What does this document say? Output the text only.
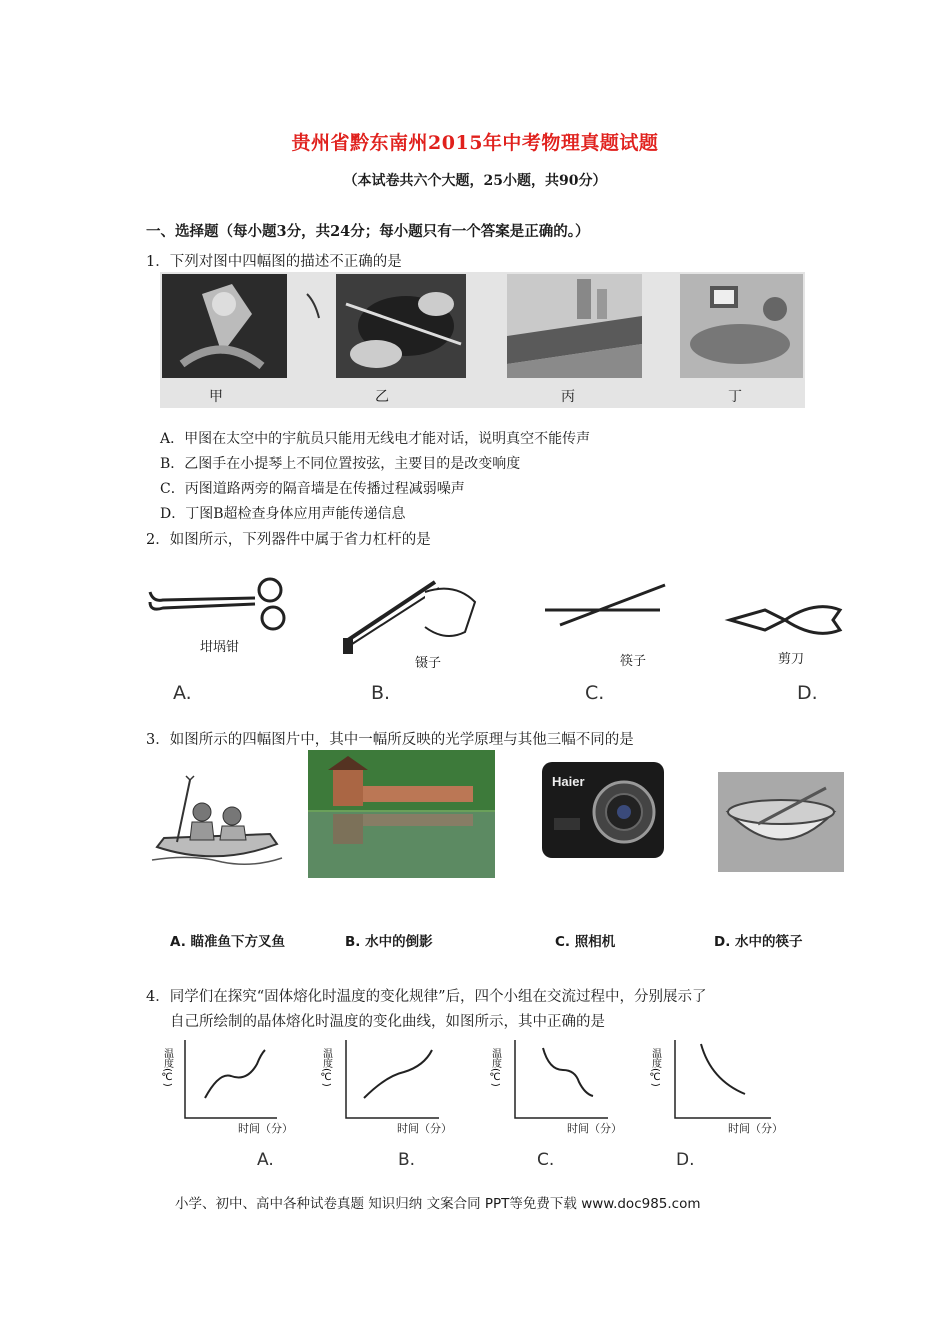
贵州省黔东南州2015年中考物理真题试题
（本试卷共六个大题，25小题，共90分）
一、选择题（每小题3分，共24分；每小题只有一个答案是正确的。）
1．下列对图中四幅图的描述不正确的是
甲	乙	丙	丁
A．甲图在太空中的宇航员只能用无线电才能对话，说明真空不能传声
B．乙图手在小提琴上不同位置按弦，主要目的是改变响度
C．丙图道路两旁的隔音墙是在传播过程减弱噪声
D．丁图B超检查身体应用声能传递信息
2．如图所示，下列器件中属于省力杠杆的是
坩埚钳
镊子	筷子	剪刀
A.	B.	C.	D.
3．如图所示的四幅图片中，其中一幅所反映的光学原理与其他三幅不同的是
Haier
A. 瞄准鱼下方叉鱼	B. 水中的倒影	C. 照相机	D. 水中的筷子
4．同学们在探究“固体熔化时温度的变化规律”后，四个小组在交流过程中，分别展示了
自己所绘制的晶体熔化时温度的变化曲线，如图所示，其中正确的是
温度(℃)	温度(℃)	温度(℃)	温度(℃)
时间（分）	时间（分）	时间（分）	时间（分）
A.	B.	C.	D.
小学、初中、高中各种试卷真题 知识归纳 文案合同 PPT等免费下载 www.doc985.com
